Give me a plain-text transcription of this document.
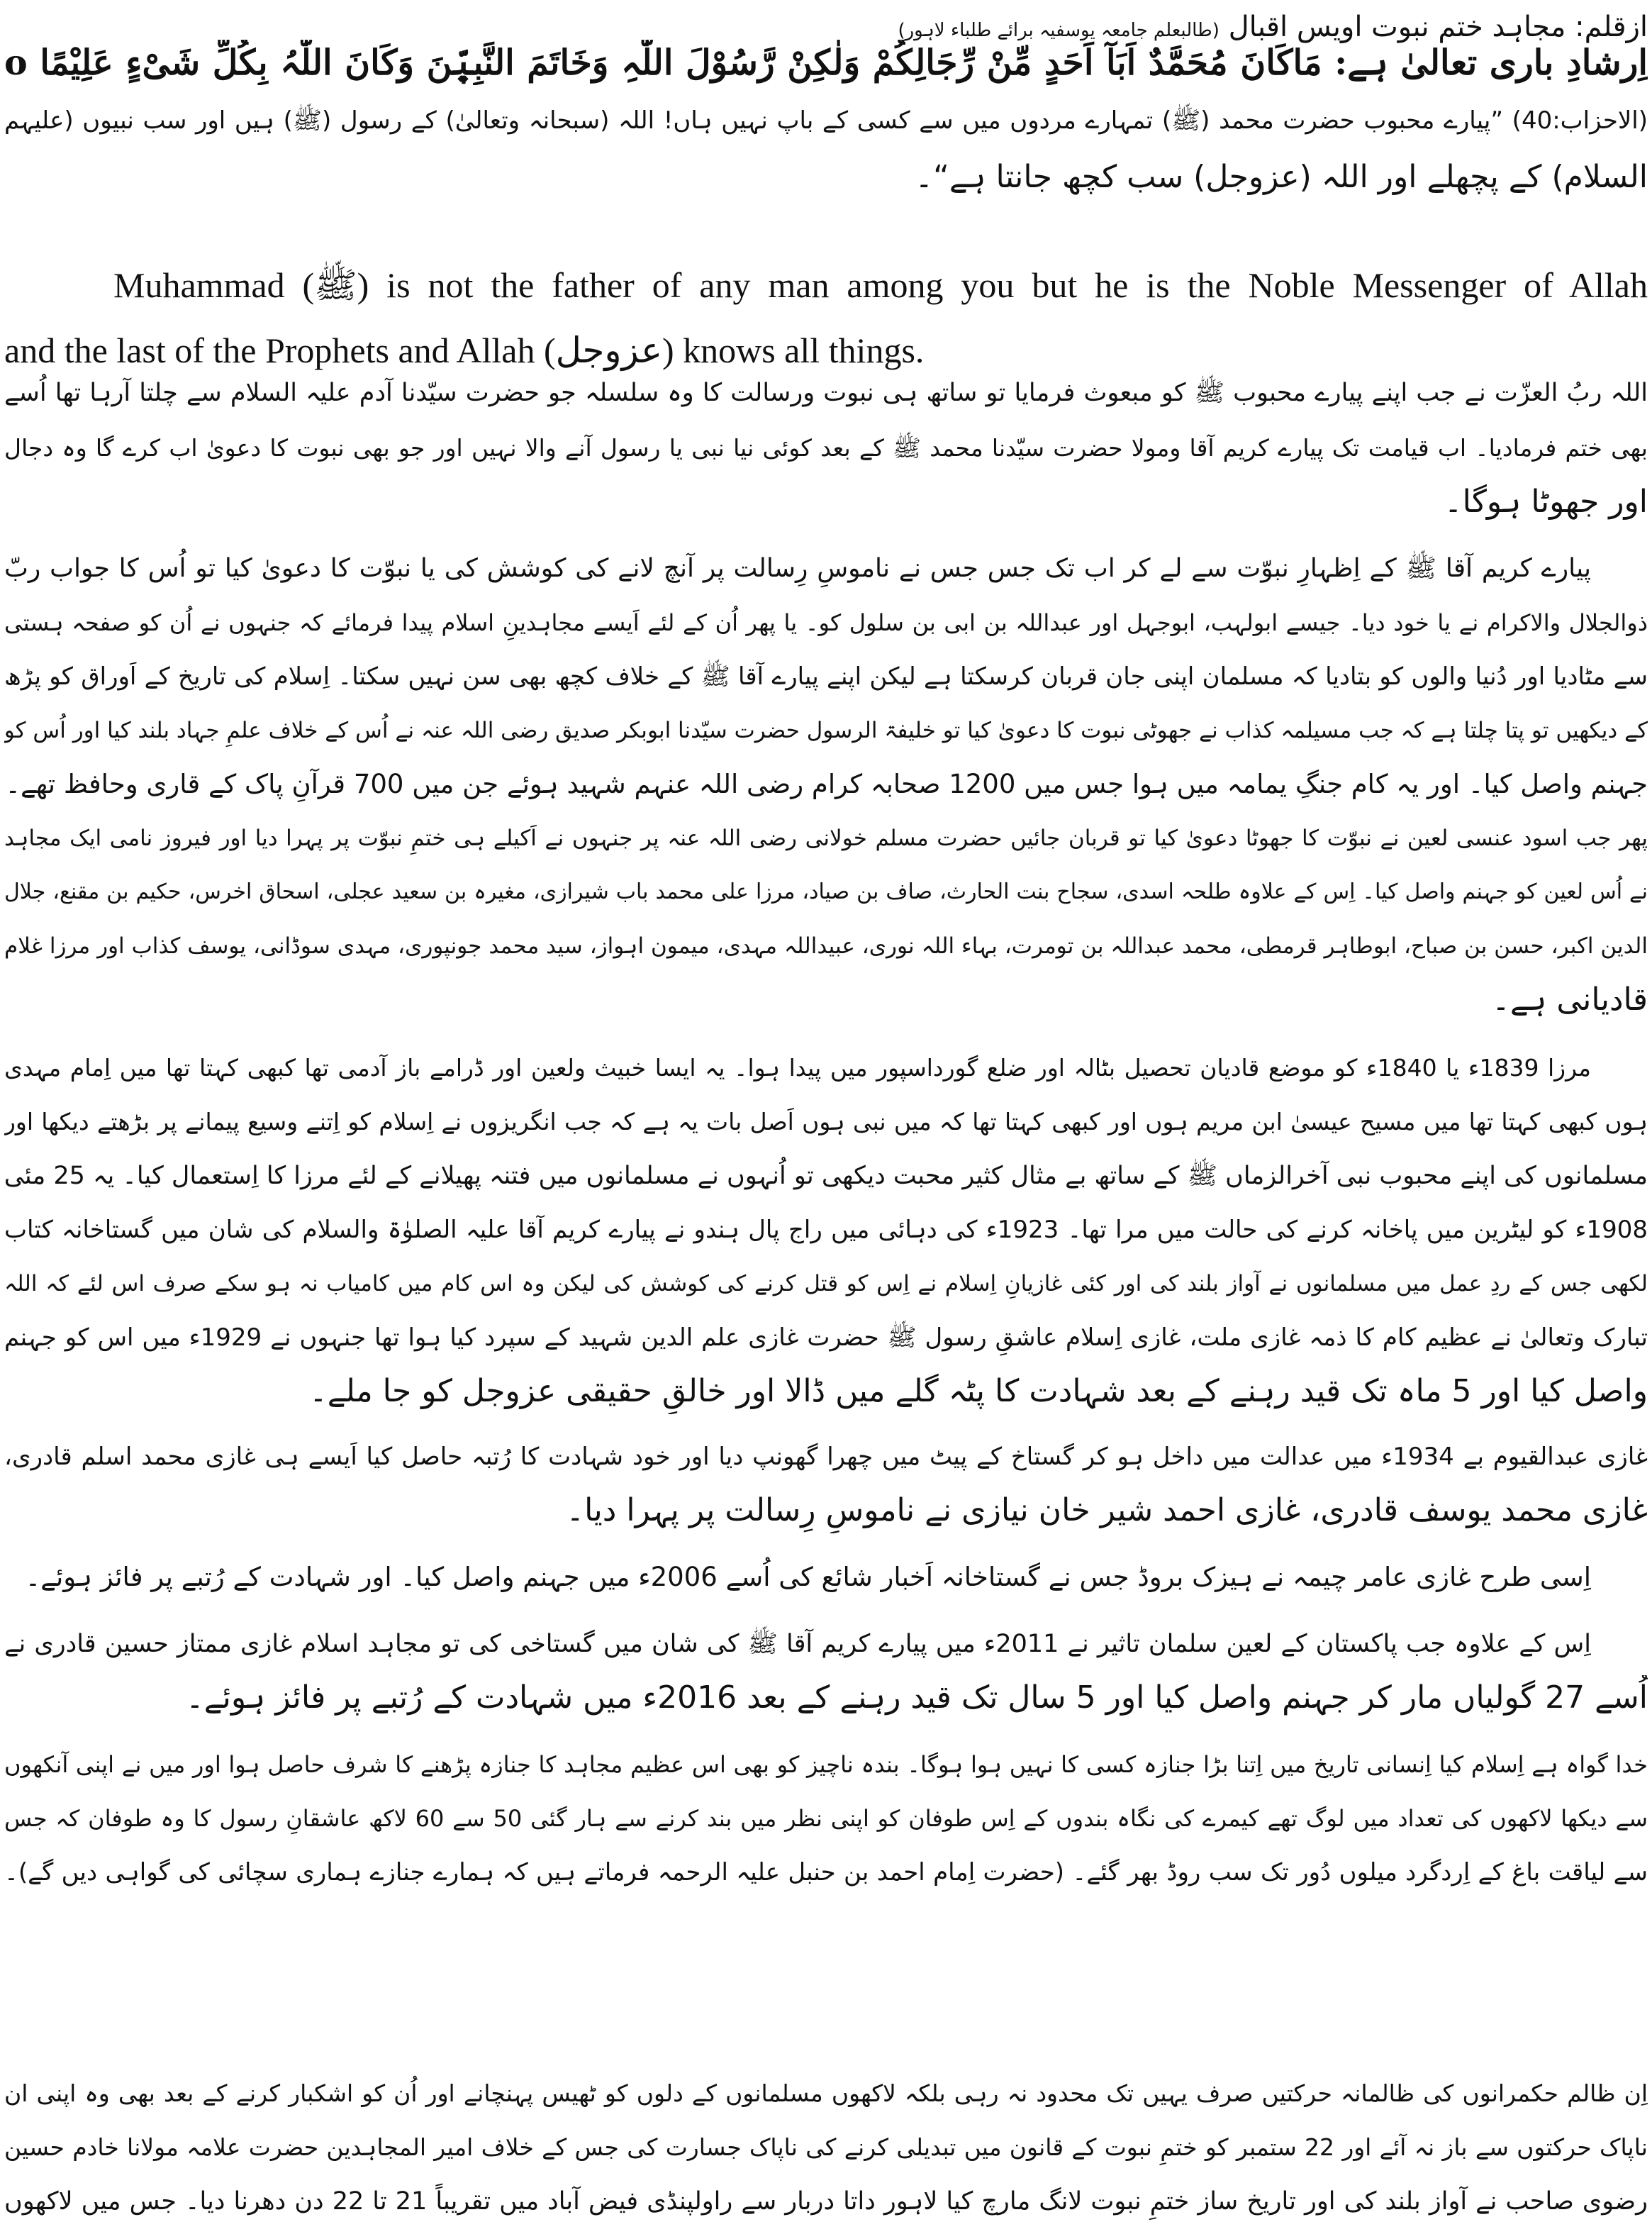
ازقلم: مجاہد ختم نبوت اویس اقبال (طالبعلم جامعہ یوسفیہ برائے طلباء لاہور)
اِرشادِ باری تعالیٰ ہے: مَاکَانَ مُحَمَّدٌ اَبَآ اَحَدٍ مِّنْ رِّجَالِکُمْ وَلٰکِنْ رَّسُوْلَ اللّٰہِ وَخَاتَمَ النَّبِیّٖنَ وَکَانَ اللّٰہُ بِکُلِّ شَیْءٍ عَلِیْمًا o
(الاحزاب:40) ”پیارے محبوب حضرت محمد (ﷺ) تمہارے مردوں میں سے کسی کے باپ نہیں ہاں! اللہ (سبحانہ وتعالیٰ) کے رسول (ﷺ) ہیں اور سب نبیوں (علیہم
السلام) کے پچھلے اور اللہ (عزوجل) سب کچھ جانتا ہے“۔
Muhammad (ﷺ) is not the father of any man among you but he is the Noble Messenger of Allah
and the last of the Prophets and Allah (عزوجل) knows all things.
اللہ ربُ العزّت نے جب اپنے پیارے محبوب ﷺ کو مبعوث فرمایا تو ساتھ ہی نبوت ورسالت کا وہ سلسلہ جو حضرت سیّدنا آدم علیہ السلام سے چلتا آرہا تھا اُسے
بھی ختم فرمادیا۔ اب قیامت تک پیارے کریم آقا ومولا حضرت سیّدنا محمد ﷺ کے بعد کوئی نیا نبی یا رسول آنے والا نہیں اور جو بھی نبوت کا دعویٰ اب کرے گا وہ دجال
اور جھوٹا ہوگا۔
پیارے کریم آقا ﷺ کے اِظہارِ نبوّت سے لے کر اب تک جس جس نے ناموسِ رِسالت پر آنچ لانے کی کوشش کی یا نبوّت کا دعویٰ کیا تو اُس کا جواب ربّ
ذوالجلال والاکرام نے یا خود دیا۔ جیسے ابولہب، ابوجہل اور عبداللہ بن ابی بن سلول کو۔ یا پھر اُن کے لئے اَیسے مجاہدینِ اسلام پیدا فرمائے کہ جنہوں نے اُن کو صفحہ ہستی
سے مٹادیا اور دُنیا والوں کو بتادیا کہ مسلمان اپنی جان قربان کرسکتا ہے لیکن اپنے پیارے آقا ﷺ کے خلاف کچھ بھی سن نہیں سکتا۔ اِسلام کی تاریخ کے اَوراق کو پڑھ
کے دیکھیں تو پتا چلتا ہے کہ جب مسیلمہ کذاب نے جھوٹی نبوت کا دعویٰ کیا تو خلیفۃ الرسول حضرت سیّدنا ابوبکر صدیق رضی اللہ عنہ نے اُس کے خلاف علمِ جہاد بلند کیا اور اُس کو
جہنم واصل کیا۔ اور یہ کام جنگِ یمامہ میں ہوا جس میں 1200 صحابہ کرام رضی اللہ عنہم شہید ہوئے جن میں 700 قرآنِ پاک کے قاری وحافظ تھے۔
پھر جب اسود عنسی لعین نے نبوّت کا جھوٹا دعویٰ کیا تو قربان جائیں حضرت مسلم خولانی رضی اللہ عنہ پر جنہوں نے اَکیلے ہی ختمِ نبوّت پر پہرا دیا اور فیروز نامی ایک مجاہد
نے اُس لعین کو جہنم واصل کیا۔ اِس کے علاوہ طلحہ اسدی، سجاح بنت الحارث، صاف بن صیاد، مرزا علی محمد باب شیرازی، مغیرہ بن سعید عجلی، اسحاق اخرس، حکیم بن مقنع، جلال
الدین اکبر، حسن بن صباح، ابوطاہر قرمطی، محمد عبداللہ بن تومرت، بہاء اللہ نوری، عبیداللہ مہدی، میمون اہواز، سید محمد جونپوری، مہدی سوڈانی، یوسف کذاب اور مرزا غلام
قادیانی ہے۔
مرزا 1839ء یا 1840ء کو موضع قادیان تحصیل بٹالہ اور ضلع گورداسپور میں پیدا ہوا۔ یہ ایسا خبیث ولعین اور ڈرامے باز آدمی تھا کبھی کہتا تھا میں اِمام مہدی
ہوں کبھی کہتا تھا میں مسیح عیسیٰ ابن مریم ہوں اور کبھی کہتا تھا کہ میں نبی ہوں اَصل بات یہ ہے کہ جب انگریزوں نے اِسلام کو اِتنے وسیع پیمانے پر بڑھتے دیکھا اور
مسلمانوں کی اپنے محبوب نبی آخرالزماں ﷺ کے ساتھ بے مثال کثیر محبت دیکھی تو اُنہوں نے مسلمانوں میں فتنہ پھیلانے کے لئے مرزا کا اِستعمال کیا۔ یہ 25 مئی
1908ء کو لیٹرین میں پاخانہ کرنے کی حالت میں مرا تھا۔ 1923ء کی دہائی میں راج پال ہندو نے پیارے کریم آقا علیہ الصلوٰۃ والسلام کی شان میں گستاخانہ کتاب
لکھی جس کے ردِ عمل میں مسلمانوں نے آواز بلند کی اور کئی غازیانِ اِسلام نے اِس کو قتل کرنے کی کوشش کی لیکن وہ اس کام میں کامیاب نہ ہو سکے صرف اس لئے کہ اللہ
تبارک وتعالیٰ نے عظیم کام کا ذمہ غازی ملت، غازی اِسلام عاشقِ رسول ﷺ حضرت غازی علم الدین شہید کے سپرد کیا ہوا تھا جنہوں نے 1929ء میں اس کو جہنم
واصل کیا اور 5 ماہ تک قید رہنے کے بعد شہادت کا پٹہ گلے میں ڈالا اور خالقِ حقیقی عزوجل کو جا ملے۔
غازی عبدالقیوم بے 1934ء میں عدالت میں داخل ہو کر گستاخ کے پیٹ میں چھرا گھونپ دیا اور خود شہادت کا رُتبہ حاصل کیا اَیسے ہی غازی محمد اسلم قادری،
غازی محمد یوسف قادری، غازی احمد شیر خان نیازی نے ناموسِ رِسالت پر پہرا دیا۔
اِسی طرح غازی عامر چیمہ نے ہیزک بروڈ جس نے گستاخانہ اَخبار شائع کی اُسے 2006ء میں جہنم واصل کیا۔ اور شہادت کے رُتبے پر فائز ہوئے۔
اِس کے علاوہ جب پاکستان کے لعین سلمان تاثیر نے 2011ء میں پیارے کریم آقا ﷺ کی شان میں گستاخی کی تو مجاہد اسلام غازی ممتاز حسین قادری نے
اُسے 27 گولیاں مار کر جہنم واصل کیا اور 5 سال تک قید رہنے کے بعد 2016ء میں شہادت کے رُتبے پر فائز ہوئے۔
خدا گواہ ہے اِسلام کیا اِنسانی تاریخ میں اِتنا بڑا جنازہ کسی کا نہیں ہوا ہوگا۔ بندہ ناچیز کو بھی اس عظیم مجاہد کا جنازہ پڑھنے کا شرف حاصل ہوا اور میں نے اپنی آنکھوں
سے دیکھا لاکھوں کی تعداد میں لوگ تھے کیمرے کی نگاہ بندوں کے اِس طوفان کو اپنی نظر میں بند کرنے سے ہار گئی 50 سے 60 لاکھ عاشقانِ رسول کا وہ طوفان کہ جس
سے لیاقت باغ کے اِردگرد میلوں دُور تک سب روڈ بھر گئے۔ (حضرت اِمام احمد بن حنبل علیہ الرحمہ فرماتے ہیں کہ ہمارے جنازے ہماری سچائی کی گواہی دیں گے)۔
اِن ظالم حکمرانوں کی ظالمانہ حرکتیں صرف یہیں تک محدود نہ رہی بلکہ لاکھوں مسلمانوں کے دلوں کو ٹھیس پہنچانے اور اُن کو اشکبار کرنے کے بعد بھی وہ اپنی ان
ناپاک حرکتوں سے باز نہ آئے اور 22 ستمبر کو ختمِ نبوت کے قانون میں تبدیلی کرنے کی ناپاک جسارت کی جس کے خلاف امیر المجاہدین حضرت علامہ مولانا خادم حسین
رضوی صاحب نے آواز بلند کی اور تاریخ ساز ختمِ نبوت لانگ مارچ کیا لاہور داتا دربار سے راولپنڈی فیض آباد میں تقریباً 21 تا 22 دن دھرنا دیا۔ جس میں لاکھوں
